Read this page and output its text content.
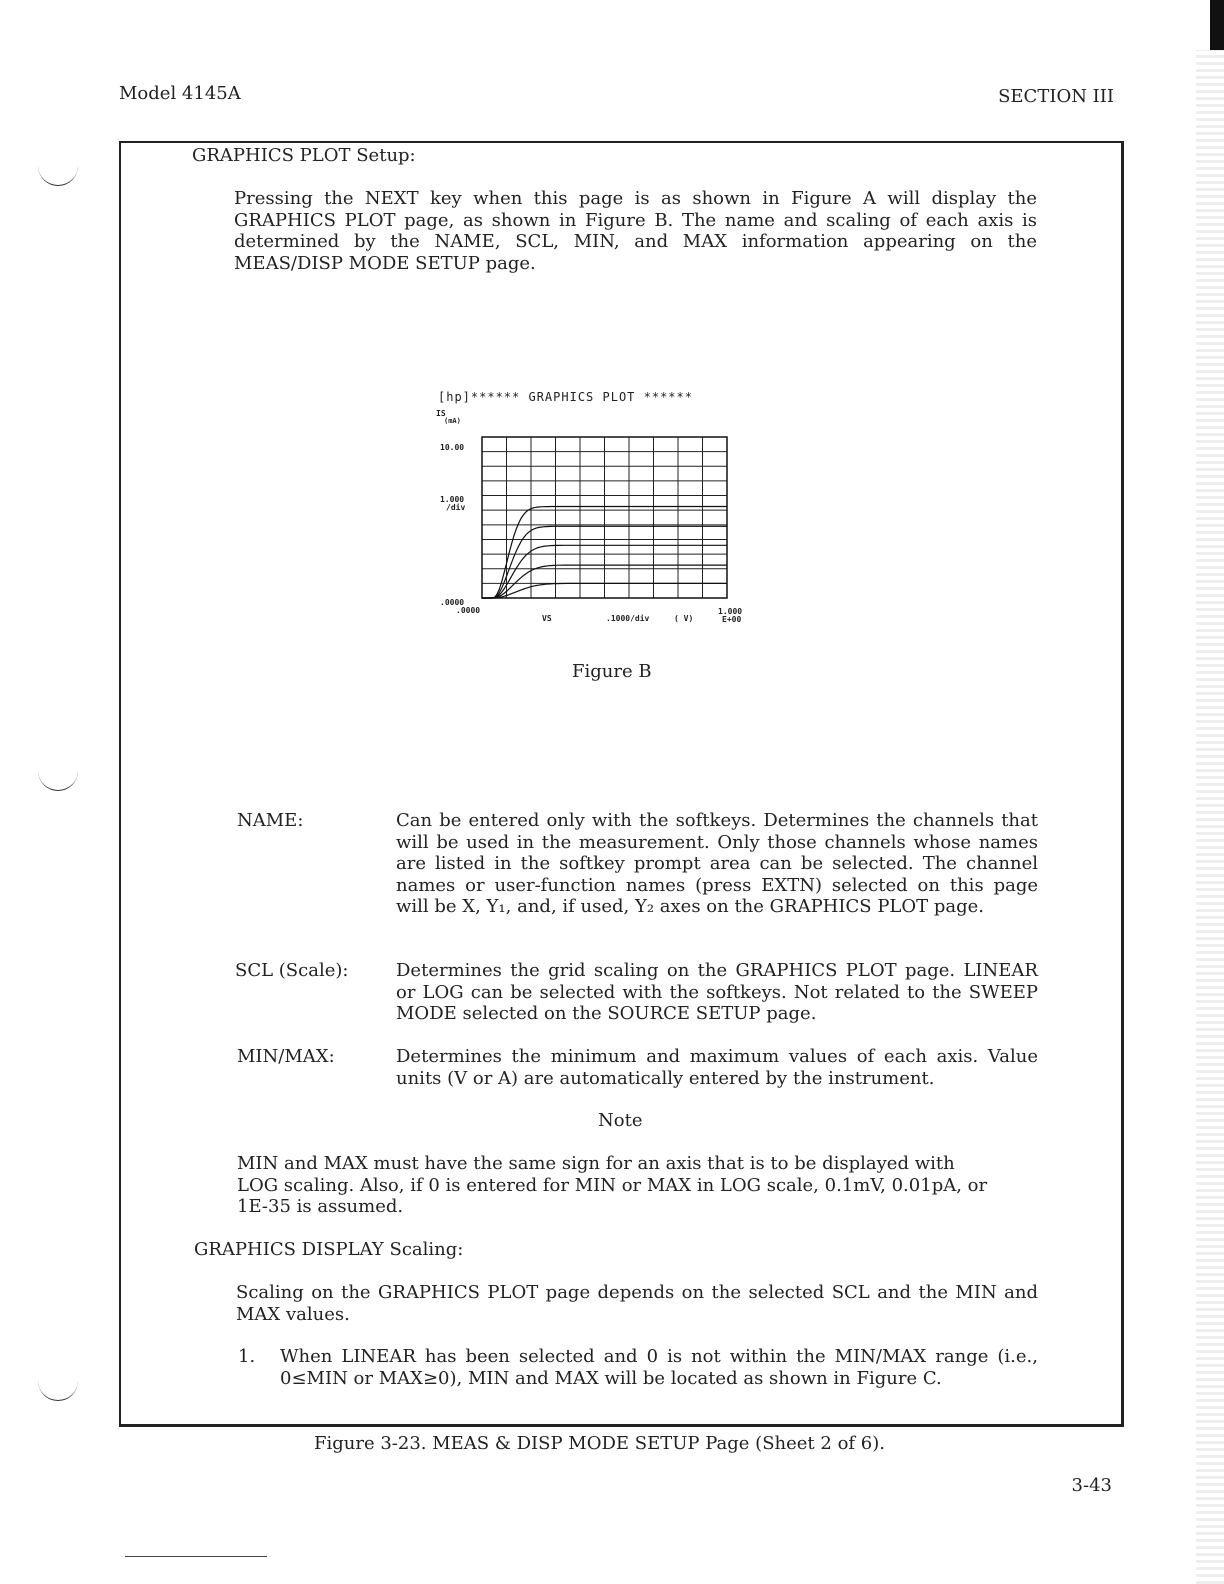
Model 4145A	SECTION III
GRAPHICS PLOT Setup:

Pressing the NEXT key when this page is as shown in Figure A will display the GRAPHICS PLOT page, as shown in Figure B. The name and scaling of each axis is determined by the NAME, SCL, MIN, and MAX information appearing on the MEAS/DISP MODE SETUP page.

[hp]****** GRAPHICS PLOT ******
IS
(mA)
10.00
1.000
/div
.0000
.0000
VS	.1000/div	( V)
1.000
E+00
Figure B
NAME:	Can be entered only with the softkeys. Determines the channels that will be used in the measurement. Only those channels whose names are listed in the softkey prompt area can be selected. The channel names or user-function names (press EXTN) selected on this page will be X, Y₁, and, if used, Y₂ axes on the GRAPHICS PLOT page.

SCL (Scale):	Determines the grid scaling on the GRAPHICS PLOT page. LINEAR or LOG can be selected with the softkeys. Not related to the SWEEP MODE selected on the SOURCE SETUP page.

MIN/MAX:	Determines the minimum and maximum values of each axis. Value units (V or A) are automatically entered by the instrument.

Note

MIN and MAX must have the same sign for an axis that is to be displayed with LOG scaling. Also, if 0 is entered for MIN or MAX in LOG scale, 0.1mV, 0.01pA, or 1E-35 is assumed.

GRAPHICS DISPLAY Scaling:

Scaling on the GRAPHICS PLOT page depends on the selected SCL and the MIN and MAX values.

1. When LINEAR has been selected and 0 is not within the MIN/MAX range (i.e., 0≤MIN or MAX≥0), MIN and MAX will be located as shown in Figure C.

Figure 3-23. MEAS & DISP MODE SETUP Page (Sheet 2 of 6).
3-43
